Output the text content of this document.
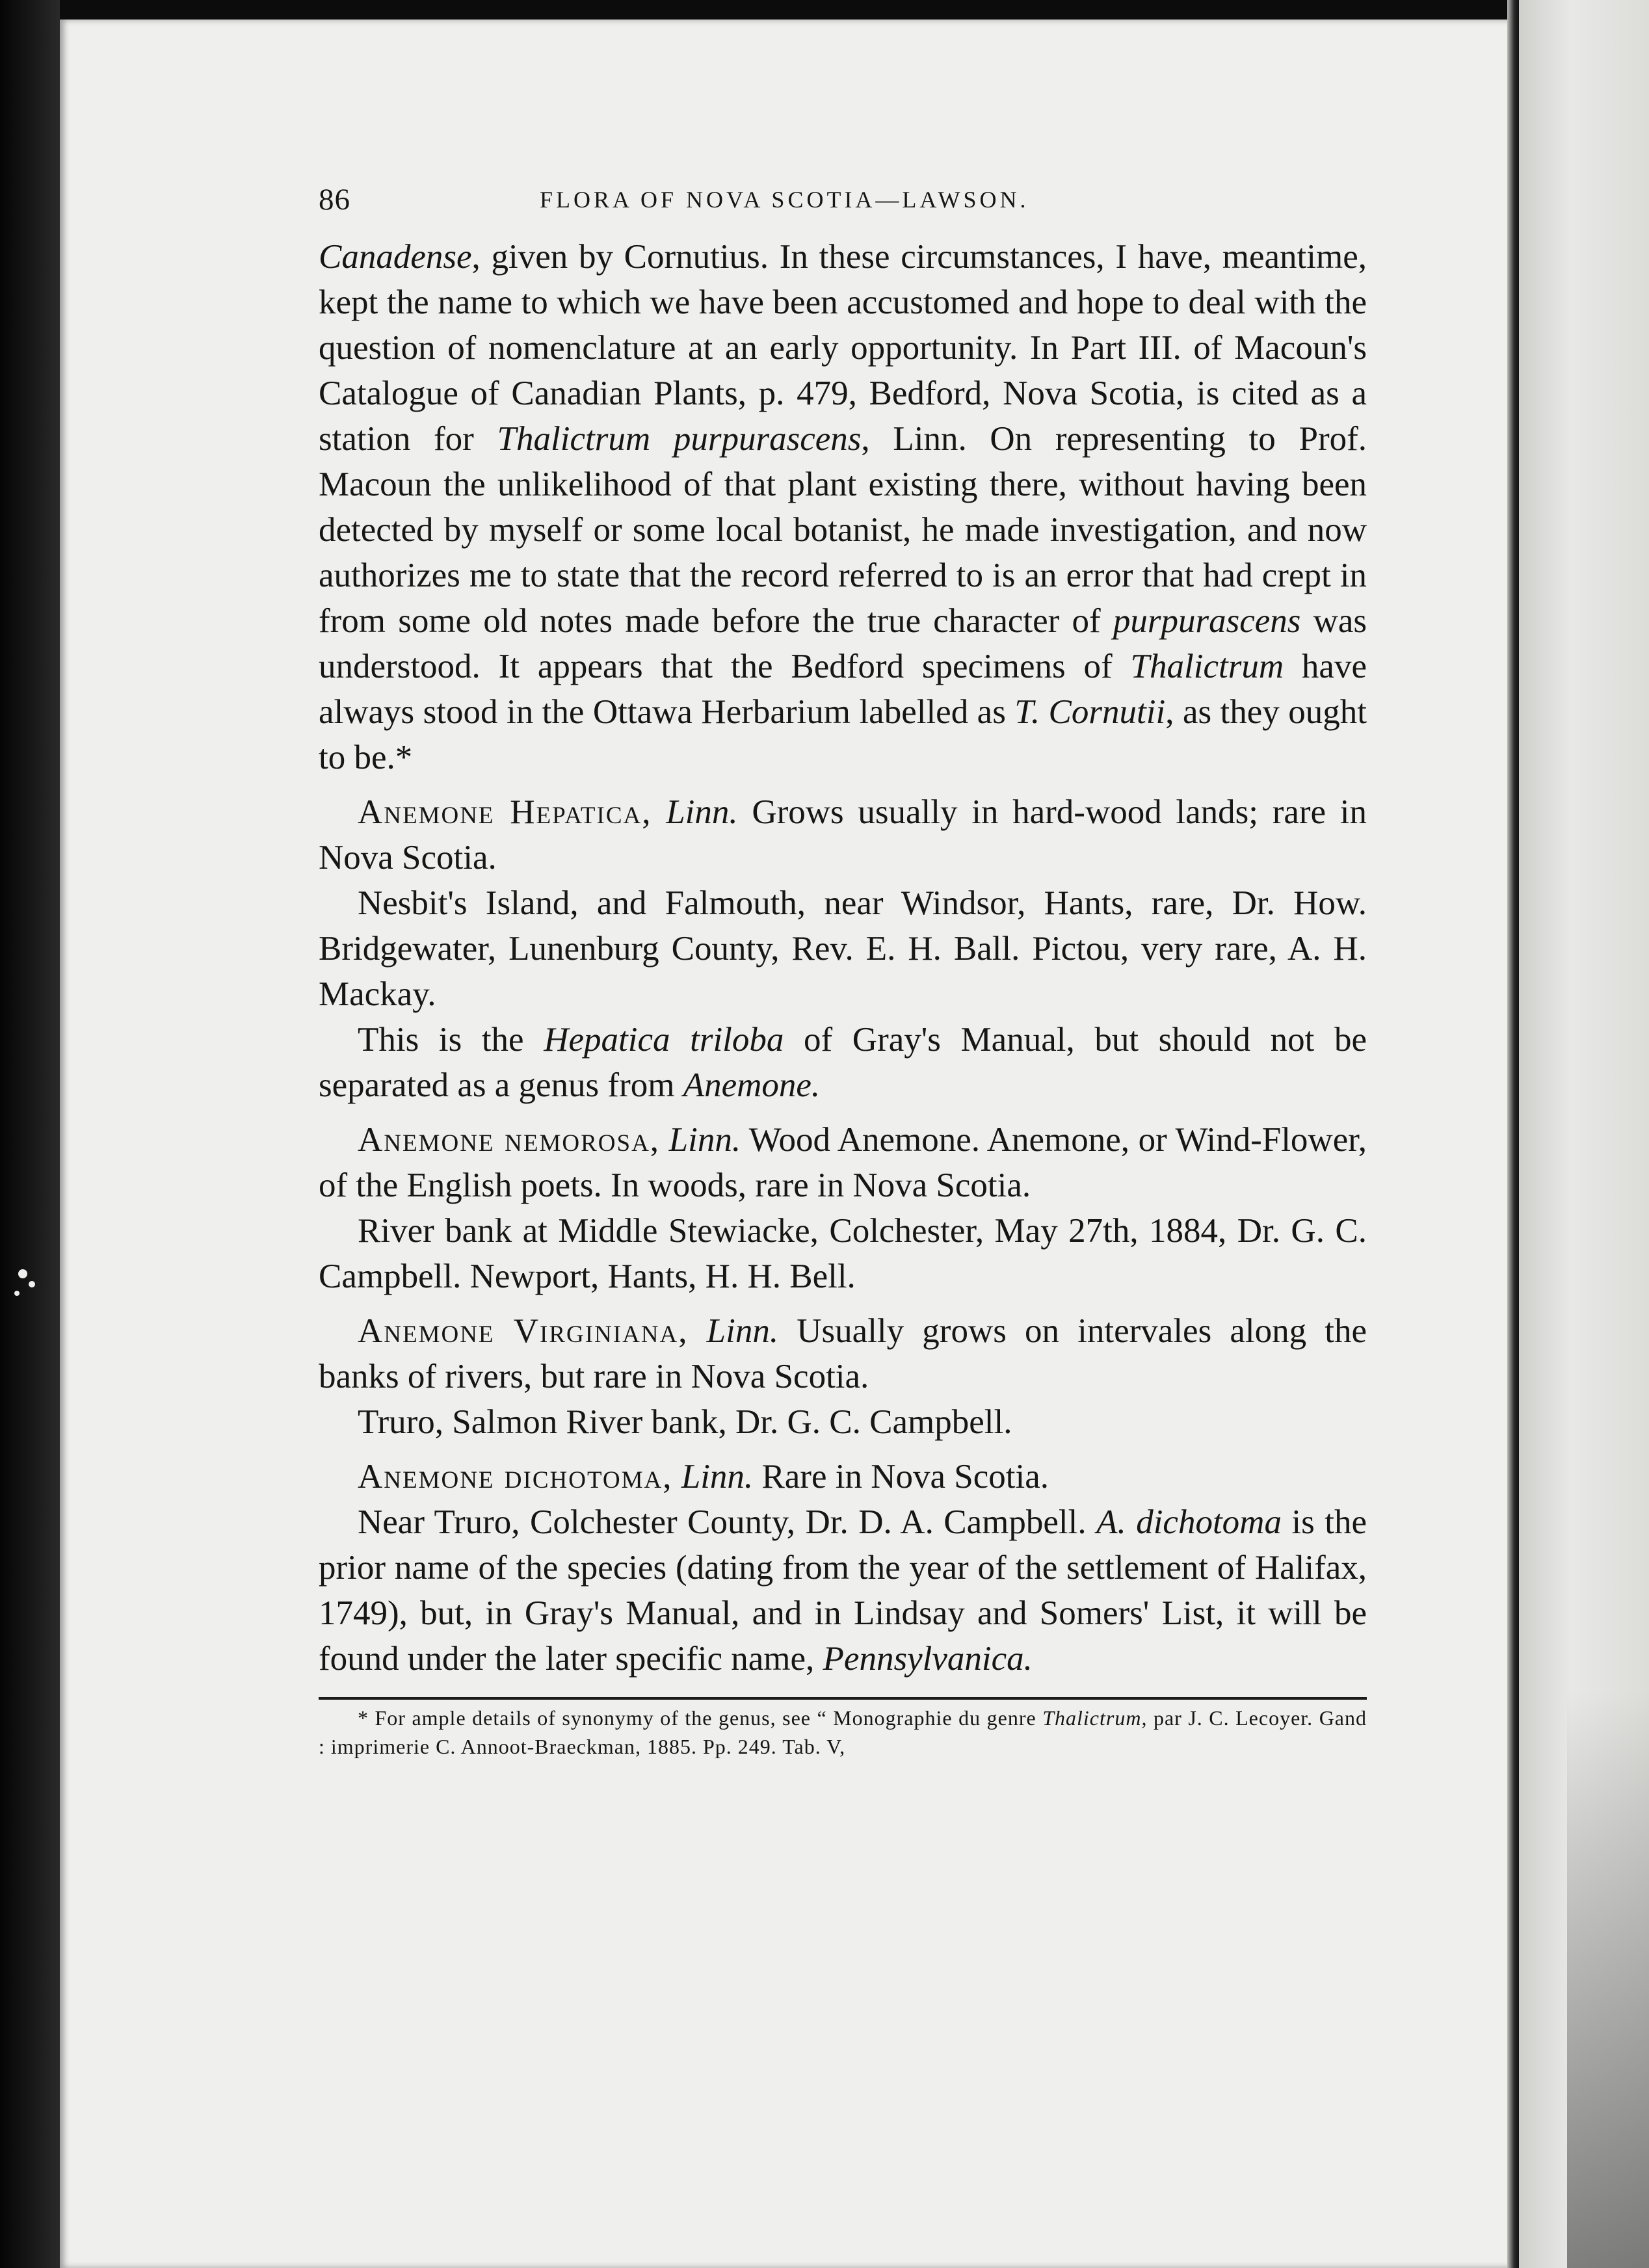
86	FLORA OF NOVA SCOTIA—LAWSON.

Canadense, given by Cornutius. In these circumstances, I have, meantime, kept the name to which we have been accustomed and hope to deal with the question of nomenclature at an early opportunity. In Part III. of Macoun's Catalogue of Canadian Plants, p. 479, Bedford, Nova Scotia, is cited as a station for Thalictrum purpurascens, Linn. On representing to Prof. Macoun the unlikelihood of that plant existing there, without having been detected by myself or some local botanist, he made investigation, and now authorizes me to state that the record referred to is an error that had crept in from some old notes made before the true character of purpurascens was understood. It appears that the Bedford specimens of Thalictrum have always stood in the Ottawa Herbarium labelled as T. Cornutii, as they ought to be.*

Anemone Hepatica, Linn. Grows usually in hard-wood lands; rare in Nova Scotia.

Nesbit's Island, and Falmouth, near Windsor, Hants, rare, Dr. How. Bridgewater, Lunenburg County, Rev. E. H. Ball. Pictou, very rare, A. H. Mackay.

This is the Hepatica triloba of Gray's Manual, but should not be separated as a genus from Anemone.

Anemone nemorosa, Linn. Wood Anemone. Anemone, or Wind-Flower, of the English poets. In woods, rare in Nova Scotia.

River bank at Middle Stewiacke, Colchester, May 27th, 1884, Dr. G. C. Campbell. Newport, Hants, H. H. Bell.

Anemone Virginiana, Linn. Usually grows on intervales along the banks of rivers, but rare in Nova Scotia.

Truro, Salmon River bank, Dr. G. C. Campbell.

Anemone dichotoma, Linn. Rare in Nova Scotia.

Near Truro, Colchester County, Dr. D. A. Campbell. A. dichotoma is the prior name of the species (dating from the year of the settlement of Halifax, 1749), but, in Gray's Manual, and in Lindsay and Somers' List, it will be found under the later specific name, Pennsylvanica.

* For ample details of synonymy of the genus, see “ Monographie du genre Thalictrum, par J. C. Lecoyer. Gand : imprimerie C. Annoot-Braeckman, 1885. Pp. 249. Tab. V,
